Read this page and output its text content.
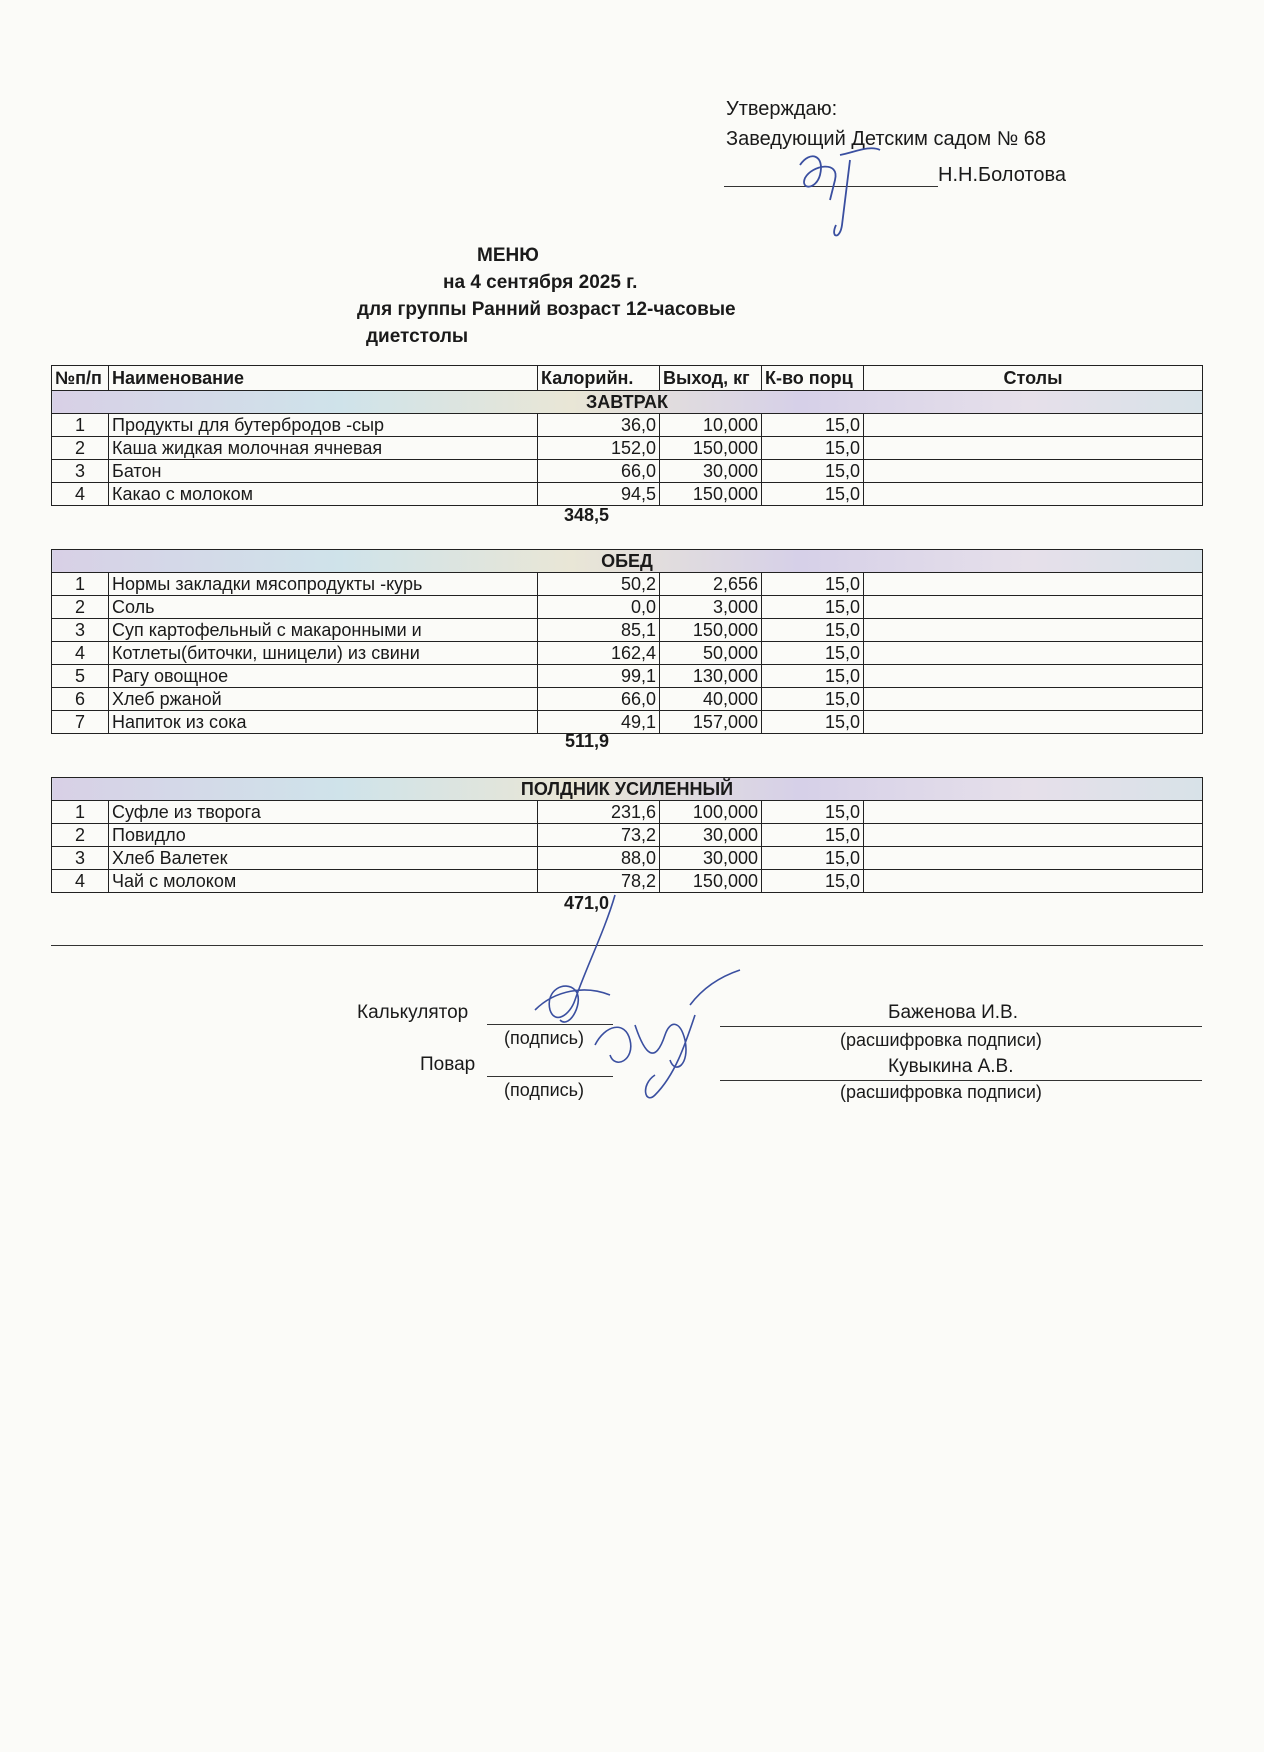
Утверждаю:
Заведующий Детским садом № 68
Н.Н.Болотова
МЕНЮ
на 4 сентября 2025 г.
для группы Ранний возраст 12-часовые
диетстолы
№п/п	Наименование	Калорийн.	Выход, кг	К-во порц	Столы
ЗАВТРАК					
1	Продукты для бутербродов -сыр	36,0	10,000	15,0	
2	Каша жидкая молочная ячневая	152,0	150,000	15,0	
3	Батон	66,0	30,000	15,0	
4	Какао с молоком	94,5	150,000	15,0	
348,5
ОБЕД					
1	Нормы закладки мясопродукты -курь	50,2	2,656	15,0	
2	Соль	0,0	3,000	15,0	
3	Суп картофельный с макаронными и	85,1	150,000	15,0	
4	Котлеты(биточки, шницели) из свини	162,4	50,000	15,0	
5	Рагу овощное	99,1	130,000	15,0	
6	Хлеб ржаной	66,0	40,000	15,0	
7	Напиток из сока	49,1	157,000	15,0	
511,9
ПОЛДНИК УСИЛЕННЫЙ					
1	Суфле из творога	231,6	100,000	15,0	
2	Повидло	73,2	30,000	15,0	
3	Хлеб Валетек	88,0	30,000	15,0	
4	Чай с молоком	78,2	150,000	15,0	
471,0
Калькулятор
(подпись)
Баженова И.В.
(расшифровка подписи)
Повар
(подпись)
Кувыкина А.В.
(расшифровка подписи)
